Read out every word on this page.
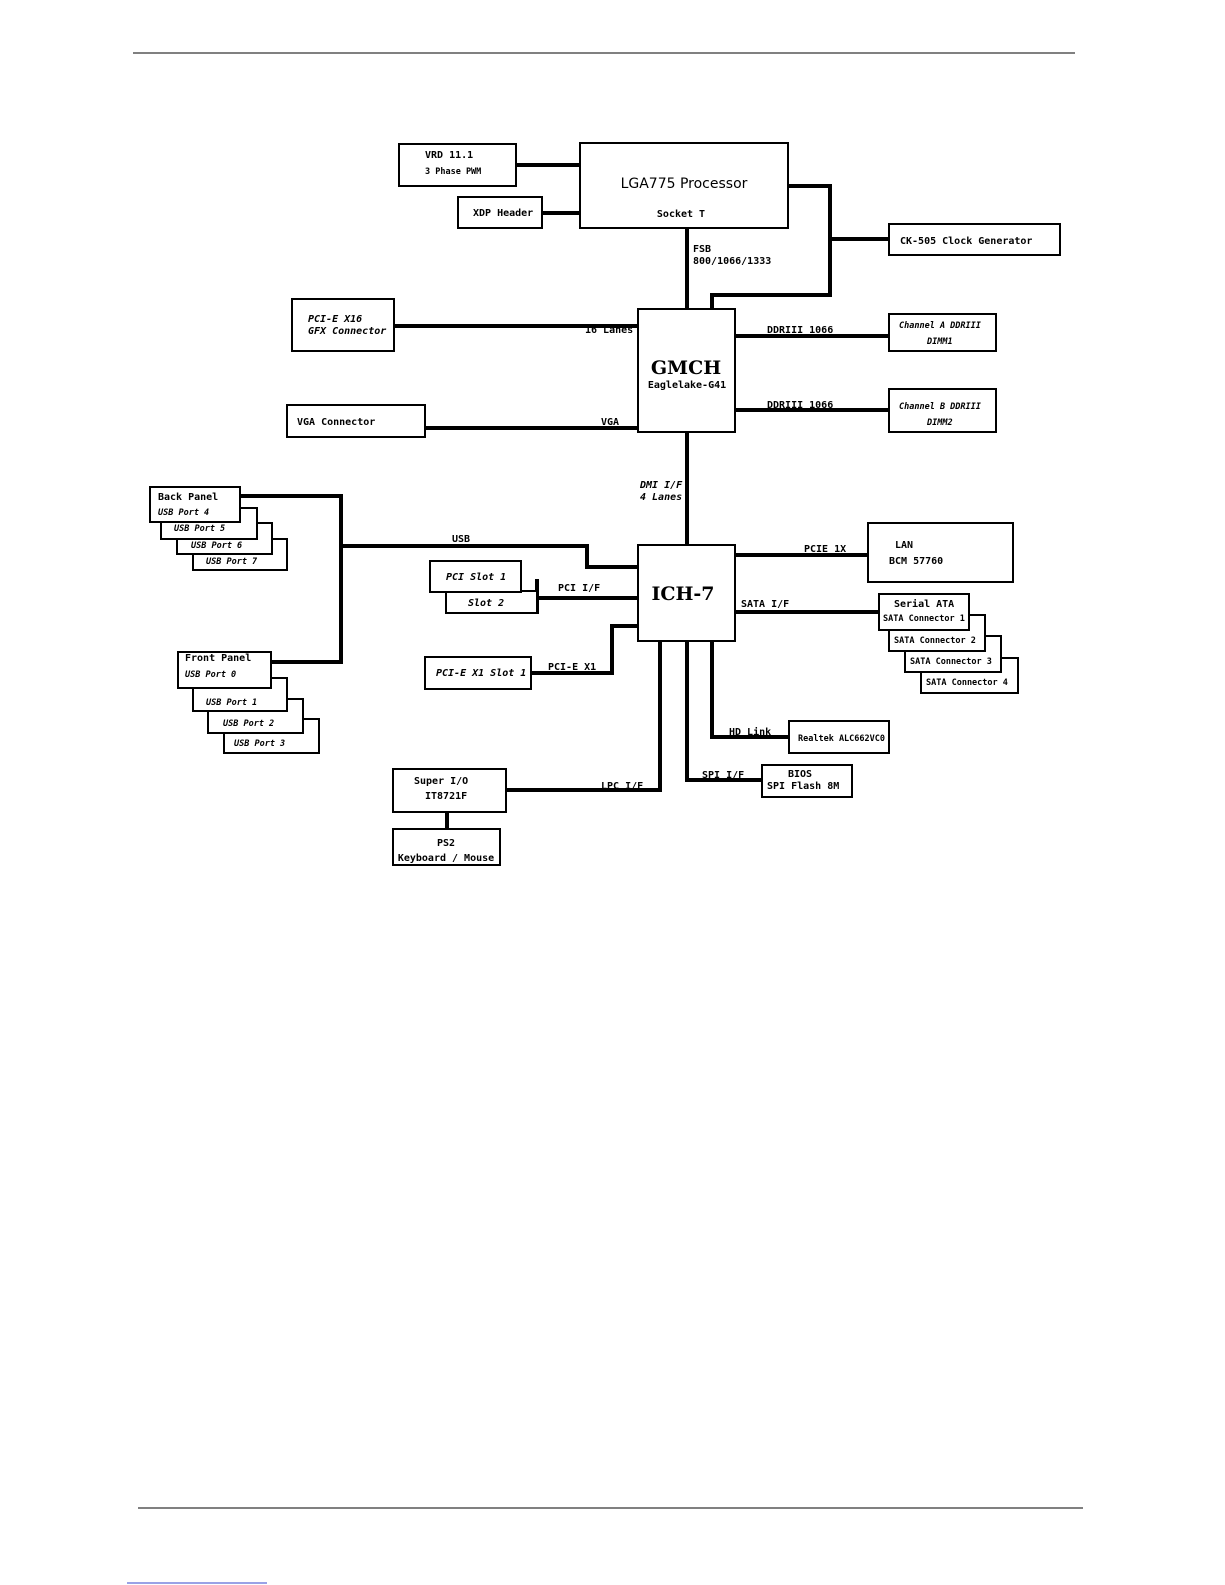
VRD 11.1
3 Phase PWM
XDP Header
LGA775 Processor
Socket T
CK-505 Clock Generator
FSB
800/1066/1333
PCI-E X16
GFX Connector	16 Lanes
VGA Connector	VGA
GMCH
Eaglelake-G41
DDRIII 1066	Channel A DDRIII
DIMM1
DDRIII 1066	Channel B DDRIII
DIMM2
DMI I/F
4 Lanes
USB Port 7
USB Port 6
USB Port 5
Back Panel
USB Port 4
USB
USB Port 3
USB Port 2
USB Port 1
Front Panel
USB Port 0
Slot 2
PCI Slot 1
PCI I/F
PCI-E X1 Slot 1
PCI-E X1
ICH-7
PCIE 1X	LAN
BCM 57760
SATA I/F
SATA Connector 4
SATA Connector 3
SATA Connector 2
Serial ATA
SATA Connector 1
HD Link
Realtek ALC662VC0
SPI I/F	BIOS
SPI Flash 8M
LPC I/F
Super I/O
IT8721F
PS2
Keyboard / Mouse
